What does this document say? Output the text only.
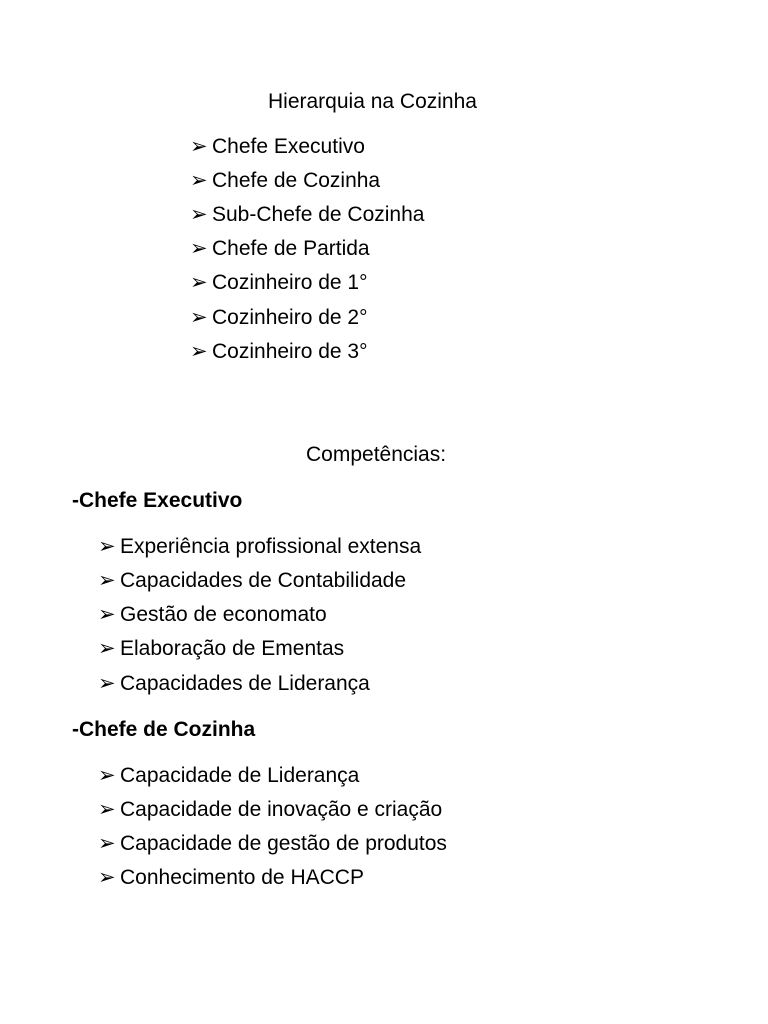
Hierarquia na Cozinha
➢ Chefe Executivo
➢ Chefe de Cozinha
➢ Sub-Chefe de Cozinha
➢ Chefe de Partida
➢ Cozinheiro de 1°
➢ Cozinheiro de 2°
➢ Cozinheiro de 3°
Competências:
-Chefe Executivo
➢ Experiência profissional extensa
➢ Capacidades de Contabilidade
➢ Gestão de economato
➢ Elaboração de Ementas
➢ Capacidades de Liderança
-Chefe de Cozinha
➢ Capacidade de Liderança
➢ Capacidade de inovação e criação
➢ Capacidade de gestão de produtos
➢ Conhecimento de HACCP
